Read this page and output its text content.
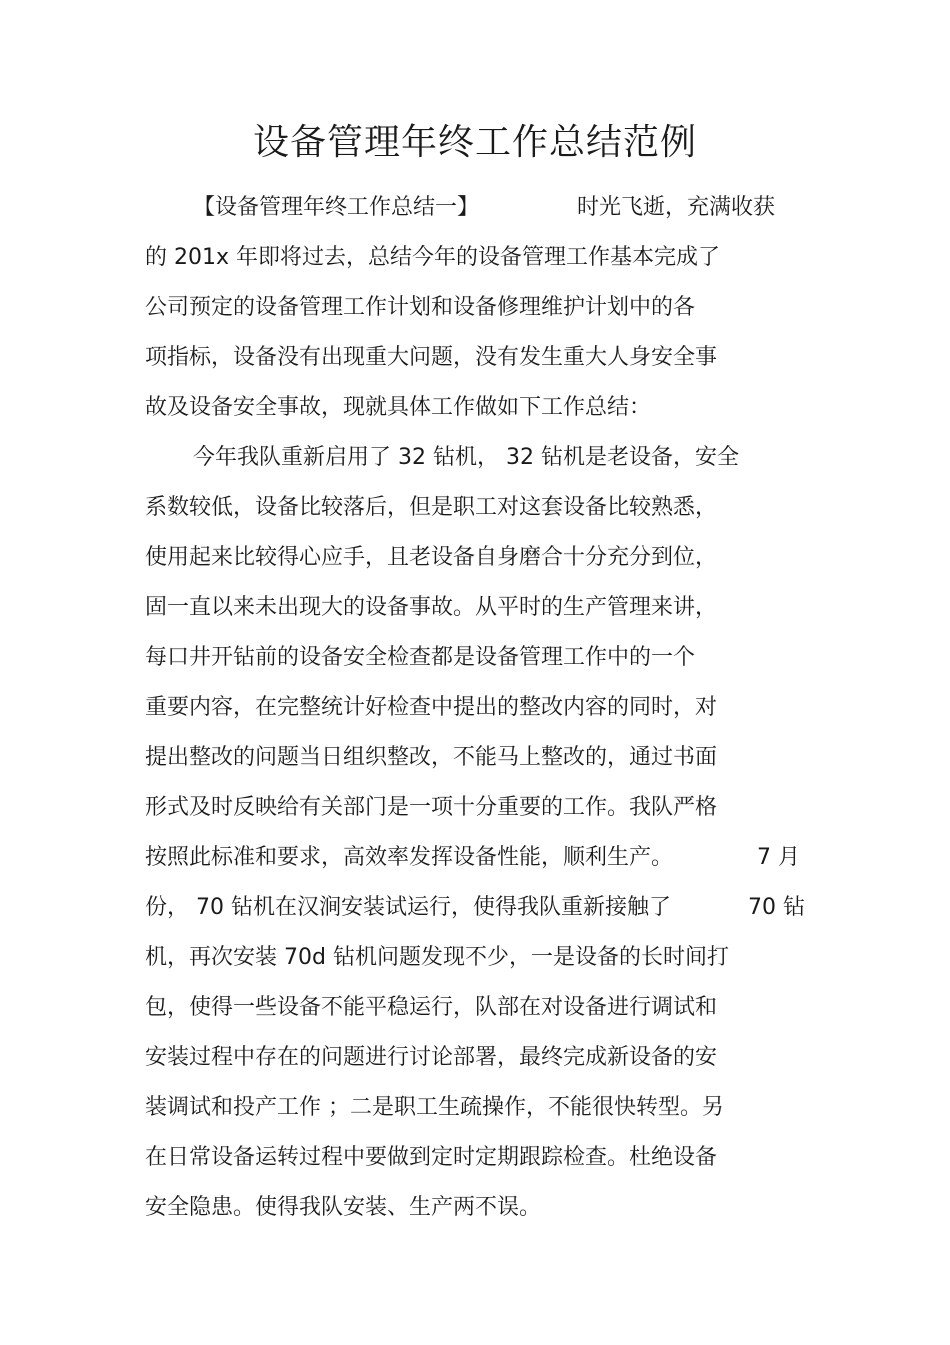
设备管理年终工作总结范例

【设备管理年终工作总结一】	时光飞逝，充满收获

的 201x 年即将过去，总结今年的设备管理工作基本完成了

公司预定的设备管理工作计划和设备修理维护计划中的各

项指标，设备没有出现重大问题，没有发生重大人身安全事

故及设备安全事故，现就具体工作做如下工作总结：

今年我队重新启用了 32 钻机， 32 钻机是老设备，安全

系数较低，设备比较落后，但是职工对这套设备比较熟悉，

使用起来比较得心应手，且老设备自身磨合十分充分到位，

固一直以来未出现大的设备事故。从平时的生产管理来讲，

每口井开钻前的设备安全检查都是设备管理工作中的一个

重要内容，在完整统计好检查中提出的整改内容的同时，对

提出整改的问题当日组织整改，不能马上整改的，通过书面

形式及时反映给有关部门是一项十分重要的工作。我队严格

按照此标准和要求，高效率发挥设备性能，顺利生产。	7 月

份， 70 钻机在汉涧安装试运行，使得我队重新接触了	70 钻

机，再次安装 70d 钻机问题发现不少，一是设备的长时间打

包，使得一些设备不能平稳运行，队部在对设备进行调试和

安装过程中存在的问题进行讨论部署，最终完成新设备的安

装调试和投产工作 ；二是职工生疏操作，不能很快转型。另

在日常设备运转过程中要做到定时定期跟踪检查。杜绝设备

安全隐患。使得我队安装、生产两不误。
